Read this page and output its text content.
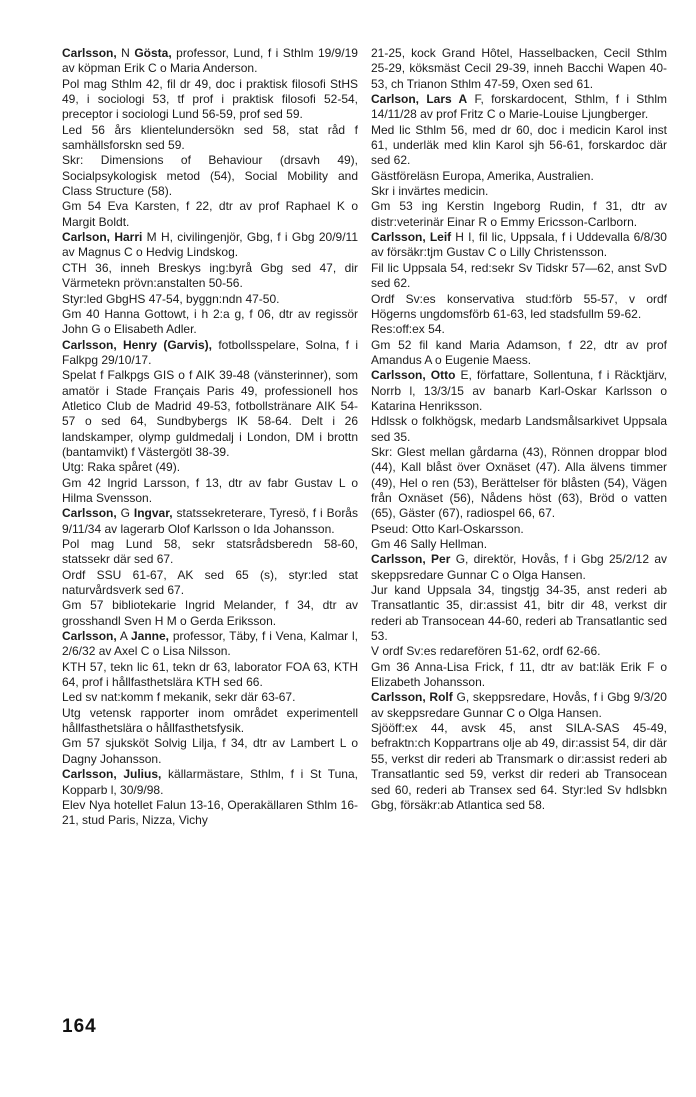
Carlsson, N Gösta, professor, Lund, f i Sthlm 19/9/19 av köpman Erik C o Maria Anderson.

Pol mag Sthlm 42, fil dr 49, doc i praktisk filosofi StHS 49, i sociologi 53, tf prof i praktisk filosofi 52-54, preceptor i sociologi Lund 56-59, prof sed 59.

Led 56 års klientelundersökn sed 58, stat råd f samhällsforskn sed 59.

Skr: Dimensions of Behaviour (drsavh 49), Socialpsykologisk metod (54), Social Mobility and Class Structure (58).

Gm 54 Eva Karsten, f 22, dtr av prof Raphael K o Margit Boldt.

Carlson, Harri M H, civilingenjör, Gbg, f i Gbg 20/9/11 av Magnus C o Hedvig Lindskog.

CTH 36, inneh Breskys ing:byrå Gbg sed 47, dir Värmetekn prövn:anstalten 50-56.

Styr:led GbgHS 47-54, byggn:ndn 47-50.

Gm 40 Hanna Gottowt, i h 2:a g, f 06, dtr av regissör John G o Elisabeth Adler.

Carlsson, Henry (Garvis), fotbollsspelare, Solna, f i Falkpg 29/10/17.

Spelat f Falkpgs GIS o f AIK 39-48 (vänsterinner), som amatör i Stade Français Paris 49, professionell hos Atletico Club de Madrid 49-53, fotbollstränare AIK 54-57 o sed 64, Sundbybergs IK 58-64. Delt i 26 landskamper, olymp guldmedalj i London, DM i brottn (bantamvikt) f Västergötl 38-39.

Utg: Raka spåret (49).

Gm 42 Ingrid Larsson, f 13, dtr av fabr Gustav L o Hilma Svensson.

Carlsson, G Ingvar, statssekreterare, Tyresö, f i Borås 9/11/34 av lagerarb Olof Karlsson o Ida Johansson.

Pol mag Lund 58, sekr statsrådsberedn 58-60, statssekr där sed 67.

Ordf SSU 61-67, AK sed 65 (s), styr:led stat naturvårdsverk sed 67.

Gm 57 bibliotekarie Ingrid Melander, f 34, dtr av grosshandl Sven H M o Gerda Eriksson.

Carlsson, A Janne, professor, Täby, f i Vena, Kalmar l, 2/6/32 av Axel C o Lisa Nilsson.

KTH 57, tekn lic 61, tekn dr 63, laborator FOA 63, KTH 64, prof i hållfasthetslära KTH sed 66.

Led sv nat:komm f mekanik, sekr där 63-67.

Utg vetensk rapporter inom området experimentell hållfasthetslära o hållfasthetsfysik.

Gm 57 sjuksköt Solvig Lilja, f 34, dtr av Lambert L o Dagny Johansson.

Carlsson, Julius, källarmästare, Sthlm, f i St Tuna, Kopparb l, 30/9/98.

Elev Nya hotellet Falun 13-16, Operakällaren Sthlm 16-21, stud Paris, Nizza, Vichy

21-25, kock Grand Hôtel, Hasselbacken, Cecil Sthlm 25-29, köksmäst Cecil 29-39, inneh Bacchi Wapen 40-53, ch Trianon Sthlm 47-59, Oxen sed 61.

Carlson, Lars A F, forskardocent, Sthlm, f i Sthlm 14/11/28 av prof Fritz C o Marie-Louise Ljungberger.

Med lic Sthlm 56, med dr 60, doc i medicin Karol inst 61, underläk med klin Karol sjh 56-61, forskardoc där sed 62.

Gästföreläsn Europa, Amerika, Australien.

Skr i invärtes medicin.

Gm 53 ing Kerstin Ingeborg Rudin, f 31, dtr av distr:veterinär Einar R o Emmy Ericsson-Carlborn.

Carlsson, Leif H I, fil lic, Uppsala, f i Uddevalla 6/8/30 av försäkr:tjm Gustav C o Lilly Christensson.

Fil lic Uppsala 54, red:sekr Sv Tidskr 57—62, anst SvD sed 62.

Ordf Sv:es konservativa stud:förb 55-57, v ordf Högerns ungdomsförb 61-63, led stadsfullm 59-62.

Res:off:ex 54.

Gm 52 fil kand Maria Adamson, f 22, dtr av prof Amandus A o Eugenie Maess.

Carlsson, Otto E, författare, Sollentuna, f i Räcktjärv, Norrb l, 13/3/15 av banarb Karl-Oskar Karlsson o Katarina Henriksson.

Hdlssk o folkhögsk, medarb Landsmålsarkivet Uppsala sed 35.

Skr: Glest mellan gårdarna (43), Rönnen droppar blod (44), Kall blåst över Oxnäset (47). Alla älvens timmer (49), Hel o ren (53), Berättelser för blåsten (54), Vägen från Oxnäset (56), Nådens höst (63), Bröd o vatten (65), Gäster (67), radiospel 66, 67.

Pseud: Otto Karl-Oskarsson.

Gm 46 Sally Hellman.

Carlsson, Per G, direktör, Hovås, f i Gbg 25/2/12 av skeppsredare Gunnar C o Olga Hansen.

Jur kand Uppsala 34, tingstjg 34-35, anst rederi ab Transatlantic 35, dir:assist 41, bitr dir 48, verkst dir rederi ab Transocean 44-60, rederi ab Transatlantic sed 53.

V ordf Sv:es redarefören 51-62, ordf 62-66.

Gm 36 Anna-Lisa Frick, f 11, dtr av bat:läk Erik F o Elizabeth Johansson.

Carlsson, Rolf G, skeppsredare, Hovås, f i Gbg 9/3/20 av skeppsredare Gunnar C o Olga Hansen.

Sjööff:ex 44, avsk 45, anst SILA-SAS 45-49, befraktn:ch Koppartrans olje ab 49, dir:assist 54, dir där 55, verkst dir rederi ab Transmark o dir:assist rederi ab Transatlantic sed 59, verkst dir rederi ab Transocean sed 60, rederi ab Transex sed 64. Styr:led Sv hdlsbkn Gbg, försäkr:ab Atlantica sed 58.

164
